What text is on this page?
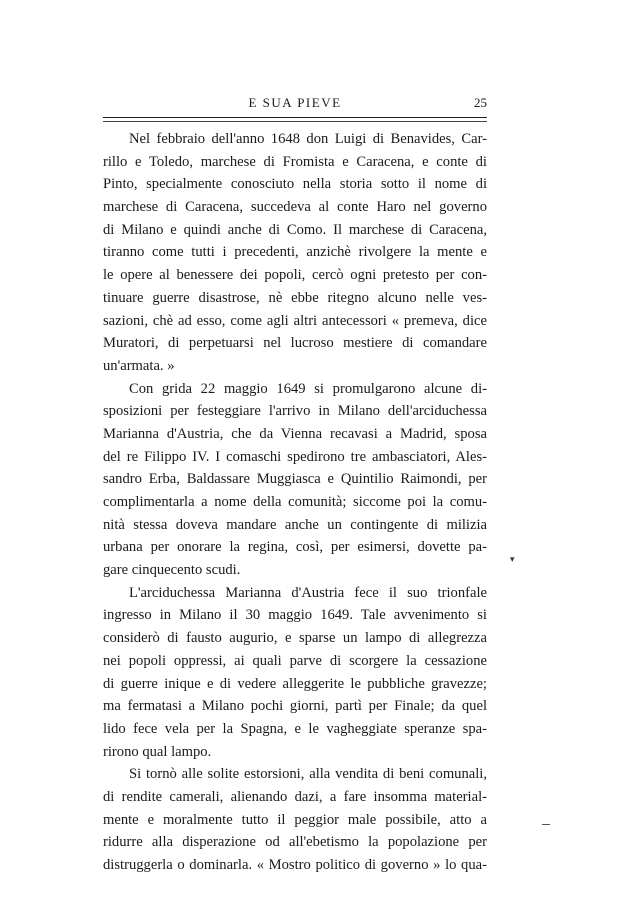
E SUA PIEVE	25
Nel febbraio dell'anno 1648 don Luigi di Benavides, Car-
rillo e Toledo, marchese di Fromista e Caracena, e conte di
Pinto, specialmente conosciuto nella storia sotto il nome di
marchese di Caracena, succedeva al conte Haro nel governo
di Milano e quindi anche di Como. Il marchese di Caracena,
tiranno come tutti i precedenti, anzichè rivolgere la mente e
le opere al benessere dei popoli, cercò ogni pretesto per con-
tinuare guerre disastrose, nè ebbe ritegno alcuno nelle ves-
sazioni, chè ad esso, come agli altri antecessori « premeva, dice
Muratori, di perpetuarsi nel lucroso mestiere di comandare
un'armata. »
Con grida 22 maggio 1649 si promulgarono alcune di-
sposizioni per festeggiare l'arrivo in Milano dell'arciduchessa
Marianna d'Austria, che da Vienna recavasi a Madrid, sposa
del re Filippo IV. I comaschi spedirono tre ambasciatori, Ales-
sandro Erba, Baldassare Muggiasca e Quintilio Raimondi, per
complimentarla a nome della comunità; siccome poi la comu-
nità stessa doveva mandare anche un contingente di milizia
urbana per onorare la regina, così, per esimersi, dovette pa-
gare cinquecento scudi.
L'arciduchessa Marianna d'Austria fece il suo trionfale
ingresso in Milano il 30 maggio 1649. Tale avvenimento si
considerò di fausto augurio, e sparse un lampo di allegrezza
nei popoli oppressi, ai quali parve di scorgere la cessazione
di guerre inique e di vedere alleggerite le pubbliche gravezze;
ma fermatasi a Milano pochi giorni, partì per Finale; da quel
lido fece vela per la Spagna, e le vagheggiate speranze spa-
rirono qual lampo.
Si tornò alle solite estorsioni, alla vendita di beni comunali,
di rendite camerali, alienando dazi, a fare insomma material-
mente e moralmente tutto il peggior male possibile, atto a
ridurre alla disperazione od all'ebetismo la popolazione per
distruggerla o dominarla. « Mostro politico di governo » lo qua-
▾
